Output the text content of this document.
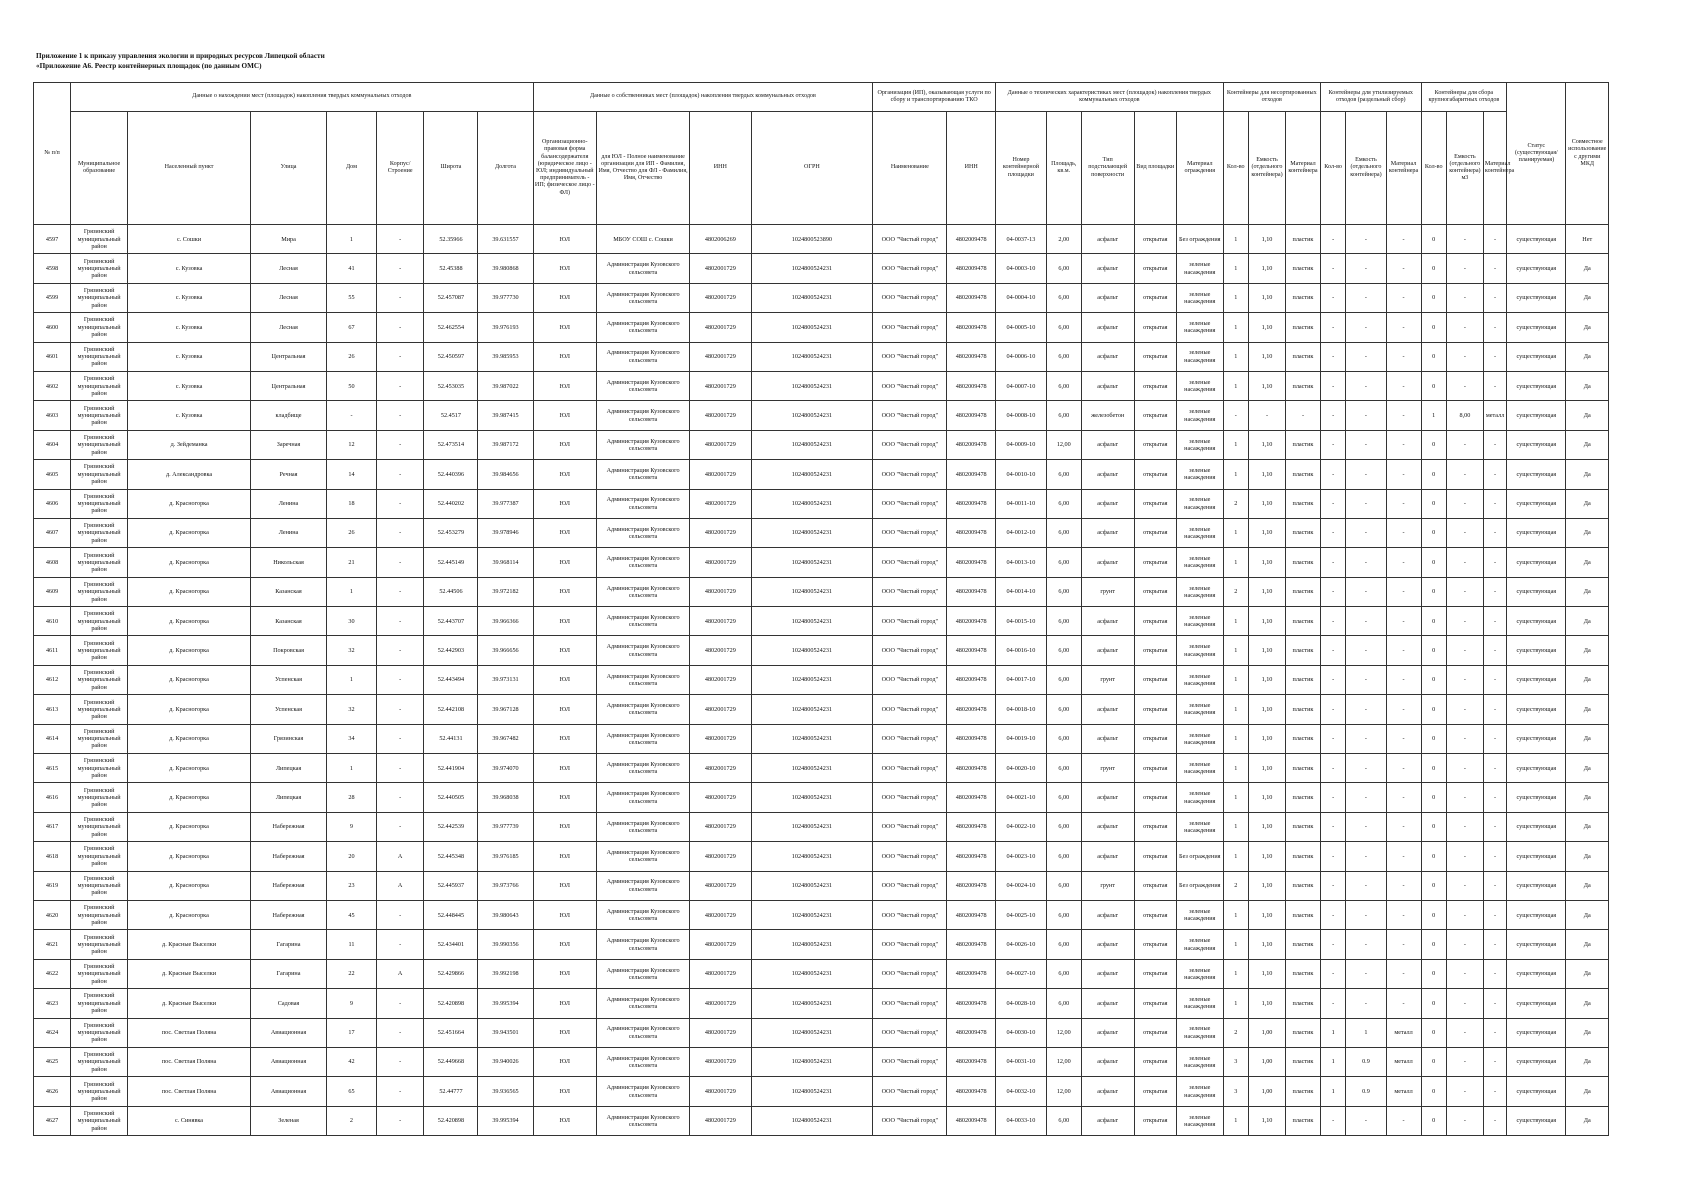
Приложение 1 к приказу управления экологии и природных ресурсов Липецкой области
«Приложение А6. Реестр контейнерных площадок (по данным ОМС)
№ п/п	Данные о нахождении мест (площадок) накопления твердых коммунальных отходов							Данные о собственниках мест (площадок) накопления твердых коммунальных отходов				Организация (ИП), оказывающая услуги по сбору и транспортированию ТКО		Данные о технических характеристиках мест (площадок) накопления твердых коммунальных отходов					Контейнеры для несортированных отходов			Контейнеры для утилизируемых отходов (раздельный сбор)			Контейнеры для сбора крупногабаритных отходов			Статус (существующая/ планируемая)	Совместное использование с другими МКД
	Муниципальное образование	Населенный пункт	Улица	Дом	Корпус/Строение	Широта	Долгота	Организационно-правовая форма балансодержателя (юридическое лицо - ЮЛ; индивидуальный предприниматель - ИП; физическое лицо - ФЛ)	для ЮЛ - Полное наименование организации для ИП - Фамилия, Имя, Отчество для ФЛ - Фамилия, Имя, Отчество	ИНН	ОГРН	Наименование	ИНН	Номер контейнерной площадки	Площадь, кв.м.	Тип подстилающей поверхности	Вид площадки	Материал ограждения	Кол-во	Емкость (отдельного контейнера)	Материал контейнера	Кол-во	Емкость (отдельного контейнера)	Материал контейнера	Кол-во	Емкость (отдельного контейнера) м3	Материал контейнера		
4597	Грязинский муниципальный район	с. Сошки	Мира	1	-	52.35966	39.631557	ЮЛ	МБОУ СОШ с. Сошки	4802006269	1024800523890	ООО "Чистый город"	4802009478	04-0037-13	2,00	асфальт	открытая	Без ограждения	1	1,10	пластик	-	-	-	0	-	-	существующая	Нет
4598	Грязинский муниципальный район	с. Кузовка	Лесная	41	-	52.45388	39.980868	ЮЛ	Администрация Кузовского сельсовета	4802001729	1024800524231	ООО "Чистый город"	4802009478	04-0003-10	6,00	асфальт	открытая	зеленые насаждения	1	1,10	пластик	-	-	-	0	-	-	существующая	Да
4599	Грязинский муниципальный район	с. Кузовка	Лесная	55	-	52.457087	39.977730	ЮЛ	Администрация Кузовского сельсовета	4802001729	1024800524231	ООО "Чистый город"	4802009478	04-0004-10	6,00	асфальт	открытая	зеленые насаждения	1	1,10	пластик	-	-	-	0	-	-	существующая	Да
4600	Грязинский муниципальный район	с. Кузовка	Лесная	67	-	52.462554	39.976193	ЮЛ	Администрация Кузовского сельсовета	4802001729	1024800524231	ООО "Чистый город"	4802009478	04-0005-10	6,00	асфальт	открытая	зеленые насаждения	1	1,10	пластик	-	-	-	0	-	-	существующая	Да
4601	Грязинский муниципальный район	с. Кузовка	Центральная	26	-	52.450597	39.985953	ЮЛ	Администрация Кузовского сельсовета	4802001729	1024800524231	ООО "Чистый город"	4802009478	04-0006-10	6,00	асфальт	открытая	зеленые насаждения	1	1,10	пластик	-	-	-	0	-	-	существующая	Да
4602	Грязинский муниципальный район	с. Кузовка	Центральная	50	-	52.453035	39.987022	ЮЛ	Администрация Кузовского сельсовета	4802001729	1024800524231	ООО "Чистый город"	4802009478	04-0007-10	6,00	асфальт	открытая	зеленые насаждения	1	1,10	пластик	-	-	-	0	-	-	существующая	Да
4603	Грязинский муниципальный район	с. Кузовка	кладбище	-	-	52.4517	39.987415	ЮЛ	Администрация Кузовского сельсовета	4802001729	1024800524231	ООО "Чистый город"	4802009478	04-0008-10	6,00	железобетон	открытая	зеленые насаждения	-	-	-	-	-	-	1	8,00	металл	существующая	Да
4604	Грязинский муниципальный район	д. Зейдеманка	Заречная	12	-	52.473514	39.987172	ЮЛ	Администрация Кузовского сельсовета	4802001729	1024800524231	ООО "Чистый город"	4802009478	04-0009-10	12,00	асфальт	открытая	зеленые насаждения	1	1,10	пластик	-	-	-	0	-	-	существующая	Да
4605	Грязинский муниципальный район	д. Александровка	Речная	14	-	52.440396	39.984656	ЮЛ	Администрация Кузовского сельсовета	4802001729	1024800524231	ООО "Чистый город"	4802009478	04-0010-10	6,00	асфальт	открытая	зеленые насаждения	1	1,10	пластик	-	-	-	0	-	-	существующая	Да
4606	Грязинский муниципальный район	д. Красногорка	Ленина	18	-	52.440202	39.977387	ЮЛ	Администрация Кузовского сельсовета	4802001729	1024800524231	ООО "Чистый город"	4802009478	04-0011-10	6,00	асфальт	открытая	зеленые насаждения	2	1,10	пластик	-	-	-	0	-	-	существующая	Да
4607	Грязинский муниципальный район	д. Красногорка	Ленина	26	-	52.453279	39.978946	ЮЛ	Администрация Кузовского сельсовета	4802001729	1024800524231	ООО "Чистый город"	4802009478	04-0012-10	6,00	асфальт	открытая	зеленые насаждения	1	1,10	пластик	-	-	-	0	-	-	существующая	Да
4608	Грязинский муниципальный район	д. Красногорка	Никольская	21	-	52.445149	39.968114	ЮЛ	Администрация Кузовского сельсовета	4802001729	1024800524231	ООО "Чистый город"	4802009478	04-0013-10	6,00	асфальт	открытая	зеленые насаждения	1	1,10	пластик	-	-	-	0	-	-	существующая	Да
4609	Грязинский муниципальный район	д. Красногорка	Казанская	1	-	52.44506	39.972182	ЮЛ	Администрация Кузовского сельсовета	4802001729	1024800524231	ООО "Чистый город"	4802009478	04-0014-10	6,00	грунт	открытая	зеленые насаждения	2	1,10	пластик	-	-	-	0	-	-	существующая	Да
4610	Грязинский муниципальный район	д. Красногорка	Казанская	30	-	52.443707	39.966366	ЮЛ	Администрация Кузовского сельсовета	4802001729	1024800524231	ООО "Чистый город"	4802009478	04-0015-10	6,00	асфальт	открытая	зеленые насаждения	1	1,10	пластик	-	-	-	0	-	-	существующая	Да
4611	Грязинский муниципальный район	д. Красногорка	Покровская	32	-	52.442903	39.966656	ЮЛ	Администрация Кузовского сельсовета	4802001729	1024800524231	ООО "Чистый город"	4802009478	04-0016-10	6,00	асфальт	открытая	зеленые насаждения	1	1,10	пластик	-	-	-	0	-	-	существующая	Да
4612	Грязинский муниципальный район	д. Красногорка	Успенская	1	-	52.443494	39.973131	ЮЛ	Администрация Кузовского сельсовета	4802001729	1024800524231	ООО "Чистый город"	4802009478	04-0017-10	6,00	грунт	открытая	зеленые насаждения	1	1,10	пластик	-	-	-	0	-	-	существующая	Да
4613	Грязинский муниципальный район	д. Красногорка	Успенская	32	-	52.442108	39.967128	ЮЛ	Администрация Кузовского сельсовета	4802001729	1024800524231	ООО "Чистый город"	4802009478	04-0018-10	6,00	асфальт	открытая	зеленые насаждения	1	1,10	пластик	-	-	-	0	-	-	существующая	Да
4614	Грязинский муниципальный район	д. Красногорка	Грязинская	34	-	52.44131	39.967482	ЮЛ	Администрация Кузовского сельсовета	4802001729	1024800524231	ООО "Чистый город"	4802009478	04-0019-10	6,00	асфальт	открытая	зеленые насаждения	1	1,10	пластик	-	-	-	0	-	-	существующая	Да
4615	Грязинский муниципальный район	д. Красногорка	Липецкая	1	-	52.441904	39.974070	ЮЛ	Администрация Кузовского сельсовета	4802001729	1024800524231	ООО "Чистый город"	4802009478	04-0020-10	6,00	грунт	открытая	зеленые насаждения	1	1,10	пластик	-	-	-	0	-	-	существующая	Да
4616	Грязинский муниципальный район	д. Красногорка	Липецкая	28	-	52.440505	39.968038	ЮЛ	Администрация Кузовского сельсовета	4802001729	1024800524231	ООО "Чистый город"	4802009478	04-0021-10	6,00	асфальт	открытая	зеленые насаждения	1	1,10	пластик	-	-	-	0	-	-	существующая	Да
4617	Грязинский муниципальный район	д. Красногорка	Набережная	9	-	52.442539	39.977739	ЮЛ	Администрация Кузовского сельсовета	4802001729	1024800524231	ООО "Чистый город"	4802009478	04-0022-10	6,00	асфальт	открытая	зеленые насаждения	1	1,10	пластик	-	-	-	0	-	-	существующая	Да
4618	Грязинский муниципальный район	д. Красногорка	Набережная	20	А	52.445348	39.976185	ЮЛ	Администрация Кузовского сельсовета	4802001729	1024800524231	ООО "Чистый город"	4802009478	04-0023-10	6,00	асфальт	открытая	Без ограждения	1	1,10	пластик	-	-	-	0	-	-	существующая	Да
4619	Грязинский муниципальный район	д. Красногорка	Набережная	23	А	52.445937	39.973766	ЮЛ	Администрация Кузовского сельсовета	4802001729	1024800524231	ООО "Чистый город"	4802009478	04-0024-10	6,00	грунт	открытая	Без ограждения	2	1,10	пластик	-	-	-	0	-	-	существующая	Да
4620	Грязинский муниципальный район	д. Красногорка	Набережная	45	-	52.448445	39.980643	ЮЛ	Администрация Кузовского сельсовета	4802001729	1024800524231	ООО "Чистый город"	4802009478	04-0025-10	6,00	асфальт	открытая	зеленые насаждения	1	1,10	пластик	-	-	-	0	-	-	существующая	Да
4621	Грязинский муниципальный район	д. Красные Выселки	Гагарина	11	-	52.434401	39.990356	ЮЛ	Администрация Кузовского сельсовета	4802001729	1024800524231	ООО "Чистый город"	4802009478	04-0026-10	6,00	асфальт	открытая	зеленые насаждения	1	1,10	пластик	-	-	-	0	-	-	существующая	Да
4622	Грязинский муниципальный район	д. Красные Выселки	Гагарина	22	А	52.429866	39.992198	ЮЛ	Администрация Кузовского сельсовета	4802001729	1024800524231	ООО "Чистый город"	4802009478	04-0027-10	6,00	асфальт	открытая	зеленые насаждения	1	1,10	пластик	-	-	-	0	-	-	существующая	Да
4623	Грязинский муниципальный район	д. Красные Выселки	Садовая	9	-	52.420898	39.995394	ЮЛ	Администрация Кузовского сельсовета	4802001729	1024800524231	ООО "Чистый город"	4802009478	04-0028-10	6,00	асфальт	открытая	зеленые насаждения	1	1,10	пластик	-	-	-	0	-	-	существующая	Да
4624	Грязинский муниципальный район	пос. Светлая Поляна	Авиационная	17	-	52.451664	39.943501	ЮЛ	Администрация Кузовского сельсовета	4802001729	1024800524231	ООО "Чистый город"	4802009478	04-0030-10	12,00	асфальт	открытая	зеленые насаждения	2	1,00	пластик	1	1	металл	0	-	-	существующая	Да
4625	Грязинский муниципальный район	пос. Светлая Поляна	Авиационная	42	-	52.449668	39.940026	ЮЛ	Администрация Кузовского сельсовета	4802001729	1024800524231	ООО "Чистый город"	4802009478	04-0031-10	12,00	асфальт	открытая	зеленые насаждения	3	1,00	пластик	1	0.9	металл	0	-	-	существующая	Да
4626	Грязинский муниципальный район	пос. Светлая Поляна	Авиационная	65	-	52.44777	39.936565	ЮЛ	Администрация Кузовского сельсовета	4802001729	1024800524231	ООО "Чистый город"	4802009478	04-0032-10	12,00	асфальт	открытая	зеленые насаждения	3	1,00	пластик	1	0.9	металл	0	-	-	существующая	Да
4627	Грязинский муниципальный район	с. Синявка	Зеленая	2	-	52.420898	39.995394	ЮЛ	Администрация Кузовского сельсовета	4802001729	1024800524231	ООО "Чистый город"	4802009478	04-0033-10	6,00	асфальт	открытая	зеленые насаждения	1	1,10	пластик	-	-	-	0	-	-	существующая	Да
